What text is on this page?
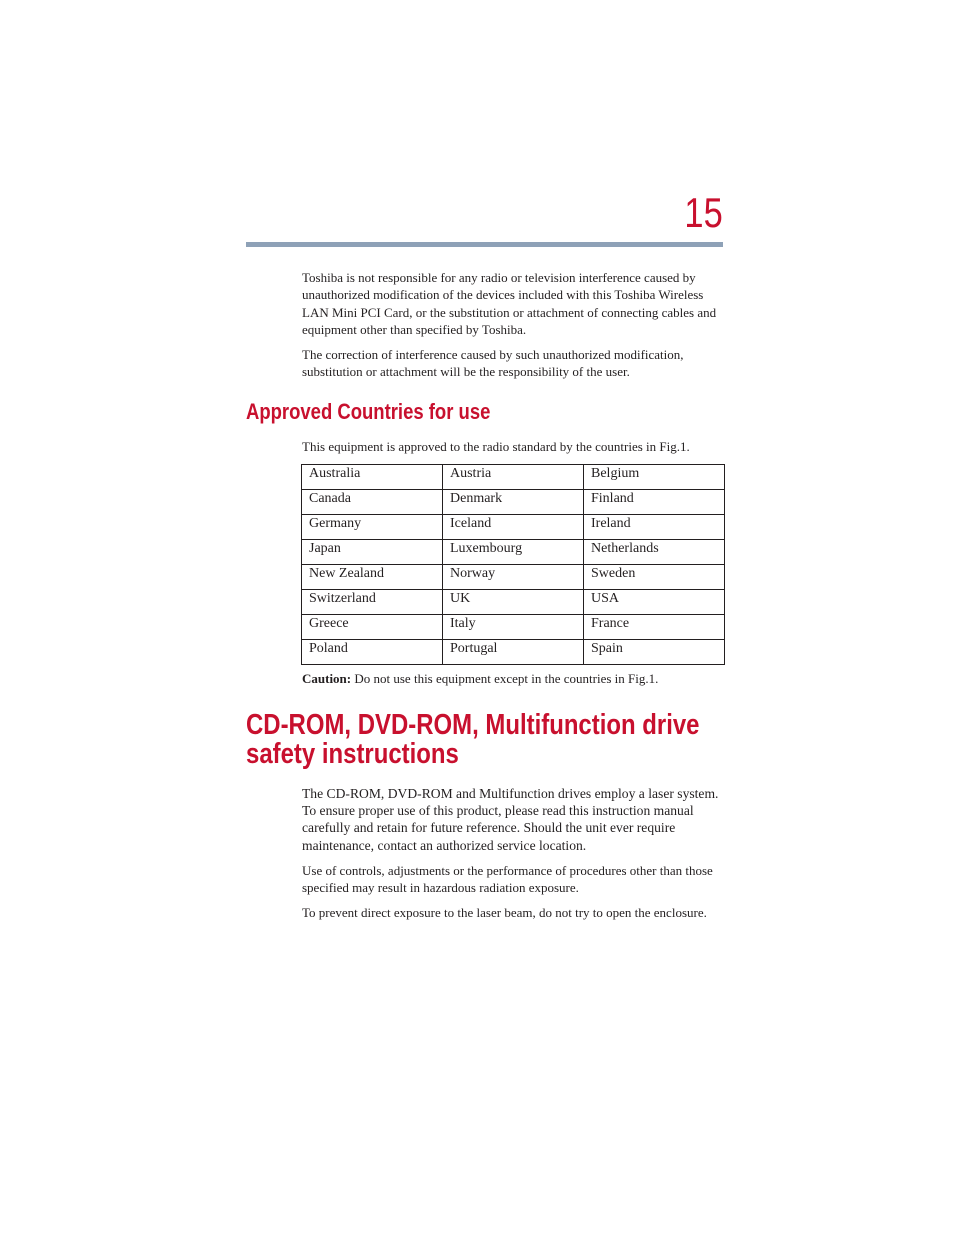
15

Toshiba is not responsible for any radio or television interference caused by unauthorized modification of the devices included with this Toshiba Wireless LAN Mini PCI Card, or the substitution or attachment of connecting cables and equipment other than specified by Toshiba.

The correction of interference caused by such unauthorized modification, substitution or attachment will be the responsibility of the user.

Approved Countries for use

This equipment is approved to the radio standard by the countries in Fig.1.

Australia	Austria	Belgium
Canada	Denmark	Finland
Germany	Iceland	Ireland
Japan	Luxembourg	Netherlands
New Zealand	Norway	Sweden
Switzerland	UK	USA
Greece	Italy	France
Poland	Portugal	Spain

Caution: Do not use this equipment except in the countries in Fig.1.

CD-ROM, DVD-ROM, Multifunction drive
safety instructions

The CD-ROM, DVD-ROM and Multifunction drives employ a laser system. To ensure proper use of this product, please read this instruction manual carefully and retain for future reference. Should the unit ever require maintenance, contact an authorized service location.

Use of controls, adjustments or the performance of procedures other than those specified may result in hazardous radiation exposure.

To prevent direct exposure to the laser beam, do not try to open the enclosure.
